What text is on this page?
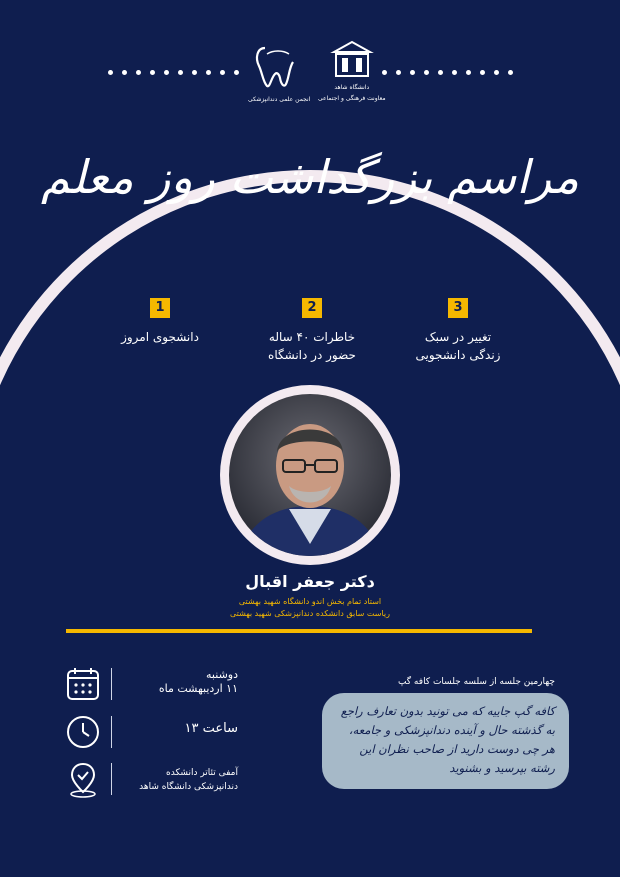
انجمن علمی دندانپزشکی
دانشگاه شاهد
معاونت فرهنگی و اجتماعی
مراسم بزرگداشت روز معلم
1
دانشجوی امروز
2
خاطرات ۴۰ ساله
حضور در دانشگاه
3
تغییر در سبک
زندگی دانشجویی
دکتر جعفر اقبال
استاد تمام بخش اندو دانشگاه شهید بهشتی
ریاست سابق دانشکده دندانپزشکی شهید بهشتی
دوشنبه
۱۱ اردیبهشت ماه
ساعت ۱۳
آمفی تئاتر دانشکده
دندانپزشکی دانشگاه شاهد
چهارمین جلسه از سلسه جلسات کافه گپ
کافه گپ جاییه که می تونید بدون تعارف راجع به گذشته حال و آینده دندانپزشکی و جامعه، هر چی دوست دارید از صاحب نظران این رشته بپرسید و بشنوید
